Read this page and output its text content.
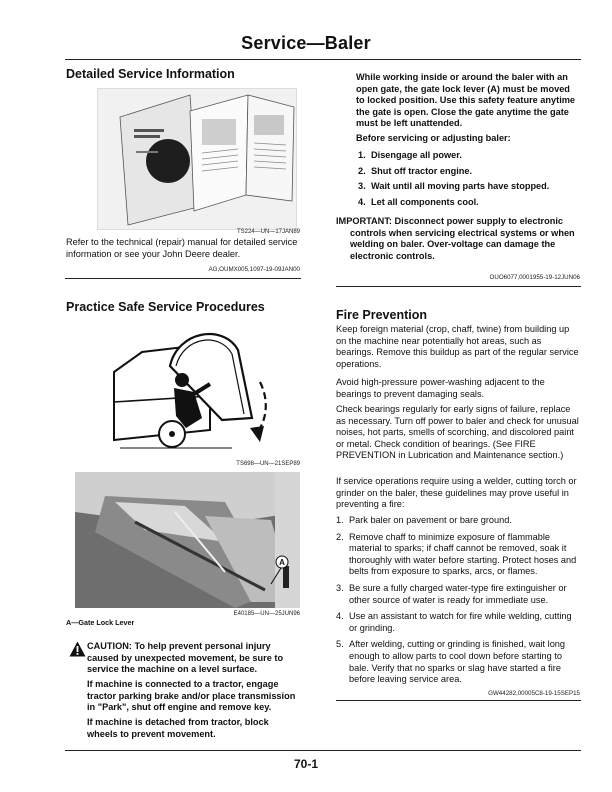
Service—Baler
Detailed Service Information
TS224—UN—17JAN89
Refer to the technical (repair) manual for detailed service information or see your John Deere dealer.
AG,OUMX005,1097-19-09JAN00
Practice Safe Service Procedures
TS698—UN—21SEP89
A
E40185—UN—25JUN96
A—Gate Lock Lever
CAUTION: To help prevent personal injury caused by unexpected movement, be sure to service the machine on a level surface.
If machine is connected to a tractor, engage tractor parking brake and/or place transmission in "Park", shut off engine and remove key.
If machine is detached from tractor, block wheels to prevent movement.
While working inside or around the baler with an open gate, the gate lock lever (A) must be moved to locked position. Use this safety feature anytime the gate is open. Close the gate anytime the gate must be left unattended.
Before servicing or adjusting baler:
1. Disengage all power.
2. Shut off tractor engine.
3. Wait until all moving parts have stopped.
4. Let all components cool.
IMPORTANT: Disconnect power supply to electronic controls when servicing electrical systems or when welding on baler. Over-voltage can damage the electronic controls.
OUO6077,0001955-19-12JUN06
Fire Prevention
Keep foreign material (crop, chaff, twine) from building up on the machine near potentially hot areas, such as bearings. Remove this buildup as part of the regular service operations.
Avoid high-pressure power-washing adjacent to the bearings to prevent damaging seals.
Check bearings regularly for early signs of failure, replace as necessary. Turn off power to baler and check for unusual noises, hot parts, smells of scorching, and discolored paint or metal. Check condition of bearings. (See FIRE PREVENTION in Lubrication and Maintenance section.)
If service operations require using a welder, cutting torch or grinder on the baler, these guidelines may prove useful in preventing a fire:
1. Park baler on pavement or bare ground.
2. Remove chaff to minimize exposure of flammable material to sparks; if chaff cannot be removed, soak it thoroughly with water before starting. Protect hoses and belts from exposure to sparks, arcs, or flames.
3. Be sure a fully charged water-type fire extinguisher or other source of water is ready for immediate use.
4. Use an assistant to watch for fire while welding, cutting or grinding.
5. After welding, cutting or grinding is finished, wait long enough to allow parts to cool down before starting to bale. Verify that no sparks or slag have started a fire before leaving service area.
GW44282,00005C8-19-15SEP15
70-1
